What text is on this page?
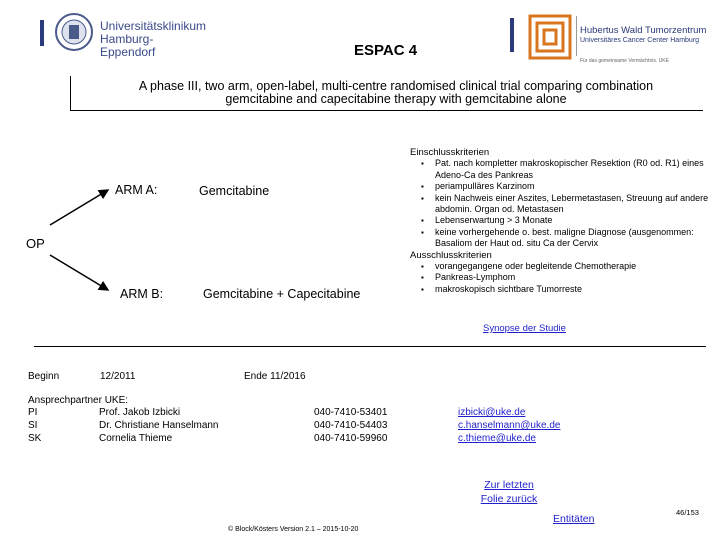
Universitätsklinikum
Hamburg-Eppendorf
Hubertus Wald Tumorzentrum
Universitäres Cancer Center Hamburg
Für das gemeinsame Vermächtnis. UKE
ESPAC 4
A phase III, two arm, open-label, multi-centre randomised clinical trial comparing combination
gemcitabine and capecitabine therapy with gemcitabine alone
OP
ARM A:	Gemcitabine
ARM B:	Gemcitabine + Capecitabine
Einschlusskriterien
▪ Pat. nach kompletter makroskopischer Resektion (R0 od. R1) eines Adeno-Ca des Pankreas
▪ periampulläres Karzinom
▪ kein Nachweis einer Aszites, Lebermetastasen, Streuung auf andere abdomin. Organ od. Metastasen
▪ Lebenserwartung > 3 Monate
▪ keine vorhergehende o. best. maligne Diagnose (ausgenommen: Basaliom der Haut od. situ Ca der Cervix
Ausschlusskriterien
▪ vorangegangene oder begleitende Chemotherapie
▪ Pankreas-Lymphom
▪ makroskopisch sichtbare Tumorreste
Synopse der Studie
Beginn	12/2011	Ende 11/2016
Ansprechpartner UKE:
PI	Prof. Jakob Izbicki	040-7410-53401	izbicki@uke.de
SI	Dr. Christiane Hanselmann	040-7410-54403	c.hanselmann@uke.de
SK	Cornelia Thieme	040-7410-59960	c.thieme@uke.de
Zur letzten
Folie zurück
Entitäten
46/153
© Block/Kösters Version 2.1 – 2015-10-20
